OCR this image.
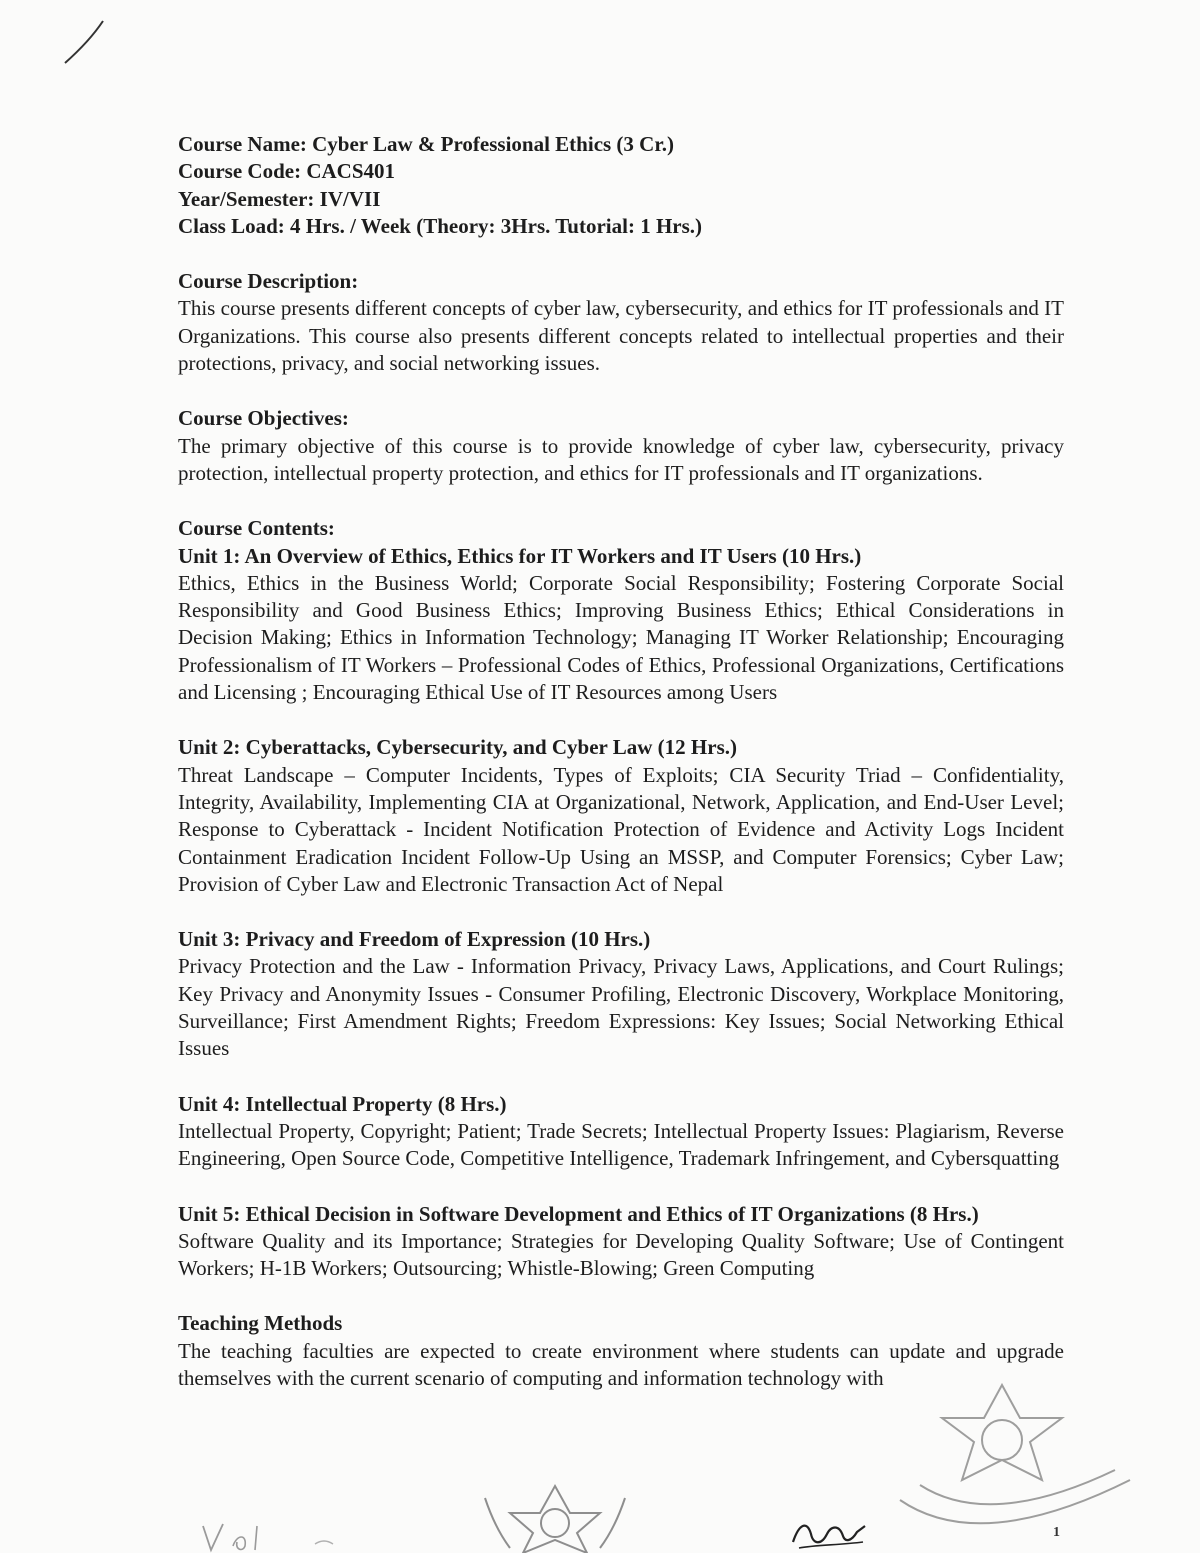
Course Name: Cyber Law & Professional Ethics (3 Cr.)

Course Code: CACS401

Year/Semester: IV/VII

Class Load: 4 Hrs. / Week (Theory: 3Hrs. Tutorial: 1 Hrs.)

Course Description:

This course presents different concepts of cyber law, cybersecurity, and ethics for IT professionals and IT Organizations. This course also presents different concepts related to intellectual properties and their protections, privacy, and social networking issues.

Course Objectives:

The primary objective of this course is to provide knowledge of cyber law, cybersecurity, privacy protection, intellectual property protection, and ethics for IT professionals and IT organizations.

Course Contents:

Unit 1: An Overview of Ethics, Ethics for IT Workers and IT Users (10 Hrs.)

Ethics, Ethics in the Business World; Corporate Social Responsibility; Fostering Corporate Social Responsibility and Good Business Ethics; Improving Business Ethics; Ethical Considerations in Decision Making; Ethics in Information Technology; Managing IT Worker Relationship; Encouraging Professionalism of IT Workers – Professional Codes of Ethics, Professional Organizations, Certifications and Licensing ; Encouraging Ethical Use of IT Resources among Users

Unit 2: Cyberattacks, Cybersecurity, and Cyber Law (12 Hrs.)

Threat Landscape – Computer Incidents, Types of Exploits; CIA Security Triad – Confidentiality, Integrity, Availability, Implementing CIA at Organizational, Network, Application, and End-User Level; Response to Cyberattack - Incident Notification Protection of Evidence and Activity Logs Incident Containment Eradication Incident Follow-Up Using an MSSP, and Computer Forensics; Cyber Law; Provision of Cyber Law and Electronic Transaction Act of Nepal

Unit 3: Privacy and Freedom of Expression (10 Hrs.)

Privacy Protection and the Law - Information Privacy, Privacy Laws, Applications, and Court Rulings; Key Privacy and Anonymity Issues - Consumer Profiling, Electronic Discovery, Workplace Monitoring, Surveillance; First Amendment Rights; Freedom Expressions: Key Issues; Social Networking Ethical Issues

Unit 4: Intellectual Property (8 Hrs.)

Intellectual Property, Copyright; Patient; Trade Secrets; Intellectual Property Issues: Plagiarism, Reverse Engineering, Open Source Code, Competitive Intelligence, Trademark Infringement, and Cybersquatting

Unit 5: Ethical Decision in Software Development and Ethics of IT Organizations (8 Hrs.)

Software Quality and its Importance; Strategies for Developing Quality Software; Use of Contingent Workers; H-1B Workers; Outsourcing; Whistle-Blowing; Green Computing

Teaching Methods

The teaching faculties are expected to create environment where students can update and upgrade themselves with the current scenario of computing and information technology with

1
